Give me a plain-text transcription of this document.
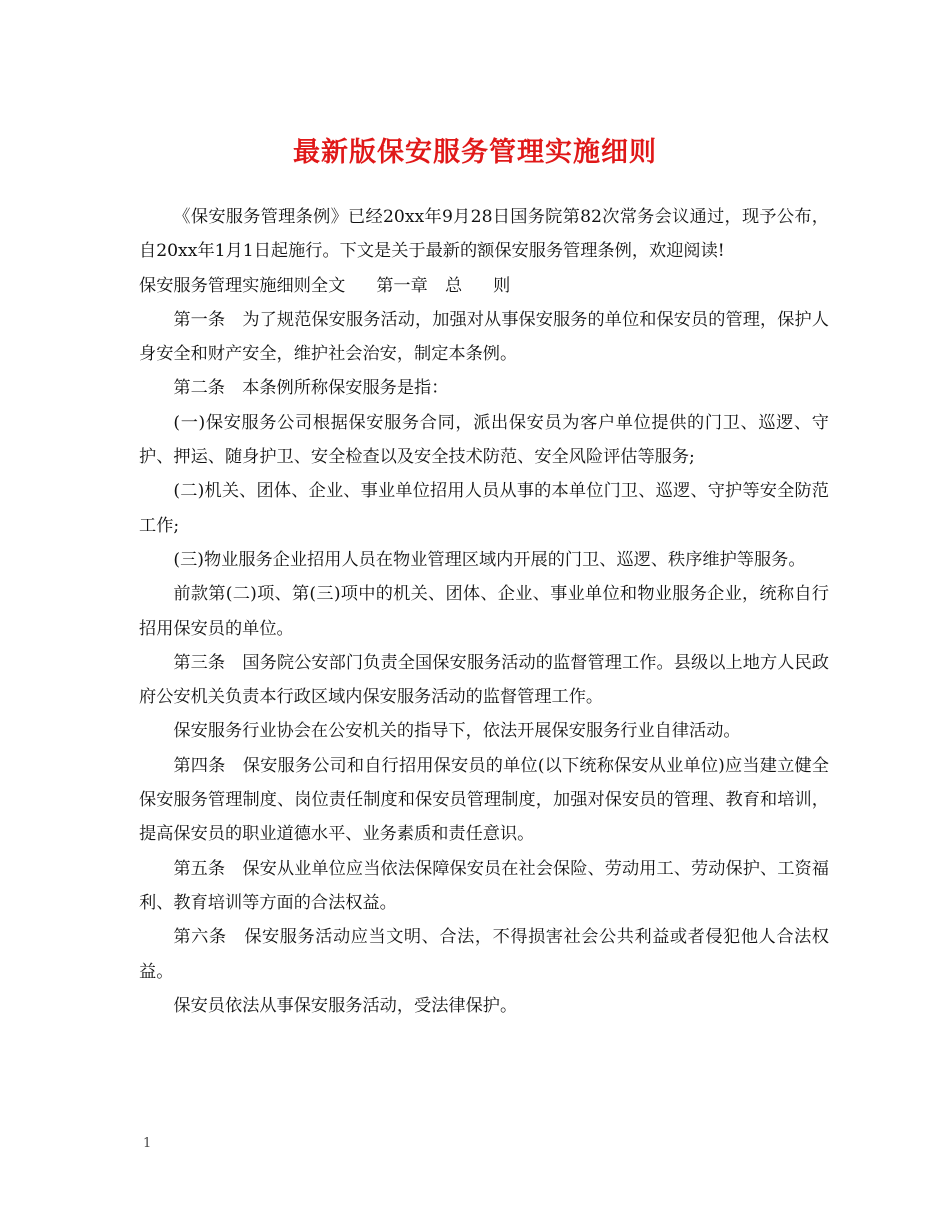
最新版保安服务管理实施细则

《保安服务管理条例》已经20xx年9月28日国务院第82次常务会议通过，现予公布，自20xx年1月1日起施行。下文是关于最新的额保安服务管理条例，欢迎阅读!

保安服务管理实施细则全文 第一章 总 则

第一条　为了规范保安服务活动，加强对从事保安服务的单位和保安员的管理，保护人身安全和财产安全，维护社会治安，制定本条例。

第二条　本条例所称保安服务是指：

(一)保安服务公司根据保安服务合同，派出保安员为客户单位提供的门卫、巡逻、守护、押运、随身护卫、安全检查以及安全技术防范、安全风险评估等服务;

(二)机关、团体、企业、事业单位招用人员从事的本单位门卫、巡逻、守护等安全防范工作;

(三)物业服务企业招用人员在物业管理区域内开展的门卫、巡逻、秩序维护等服务。

前款第(二)项、第(三)项中的机关、团体、企业、事业单位和物业服务企业，统称自行招用保安员的单位。

第三条　国务院公安部门负责全国保安服务活动的监督管理工作。县级以上地方人民政府公安机关负责本行政区域内保安服务活动的监督管理工作。

保安服务行业协会在公安机关的指导下，依法开展保安服务行业自律活动。

第四条　保安服务公司和自行招用保安员的单位(以下统称保安从业单位)应当建立健全保安服务管理制度、岗位责任制度和保安员管理制度，加强对保安员的管理、教育和培训，提高保安员的职业道德水平、业务素质和责任意识。

第五条　保安从业单位应当依法保障保安员在社会保险、劳动用工、劳动保护、工资福利、教育培训等方面的合法权益。

第六条　保安服务活动应当文明、合法，不得损害社会公共利益或者侵犯他人合法权益。

保安员依法从事保安服务活动，受法律保护。

1
